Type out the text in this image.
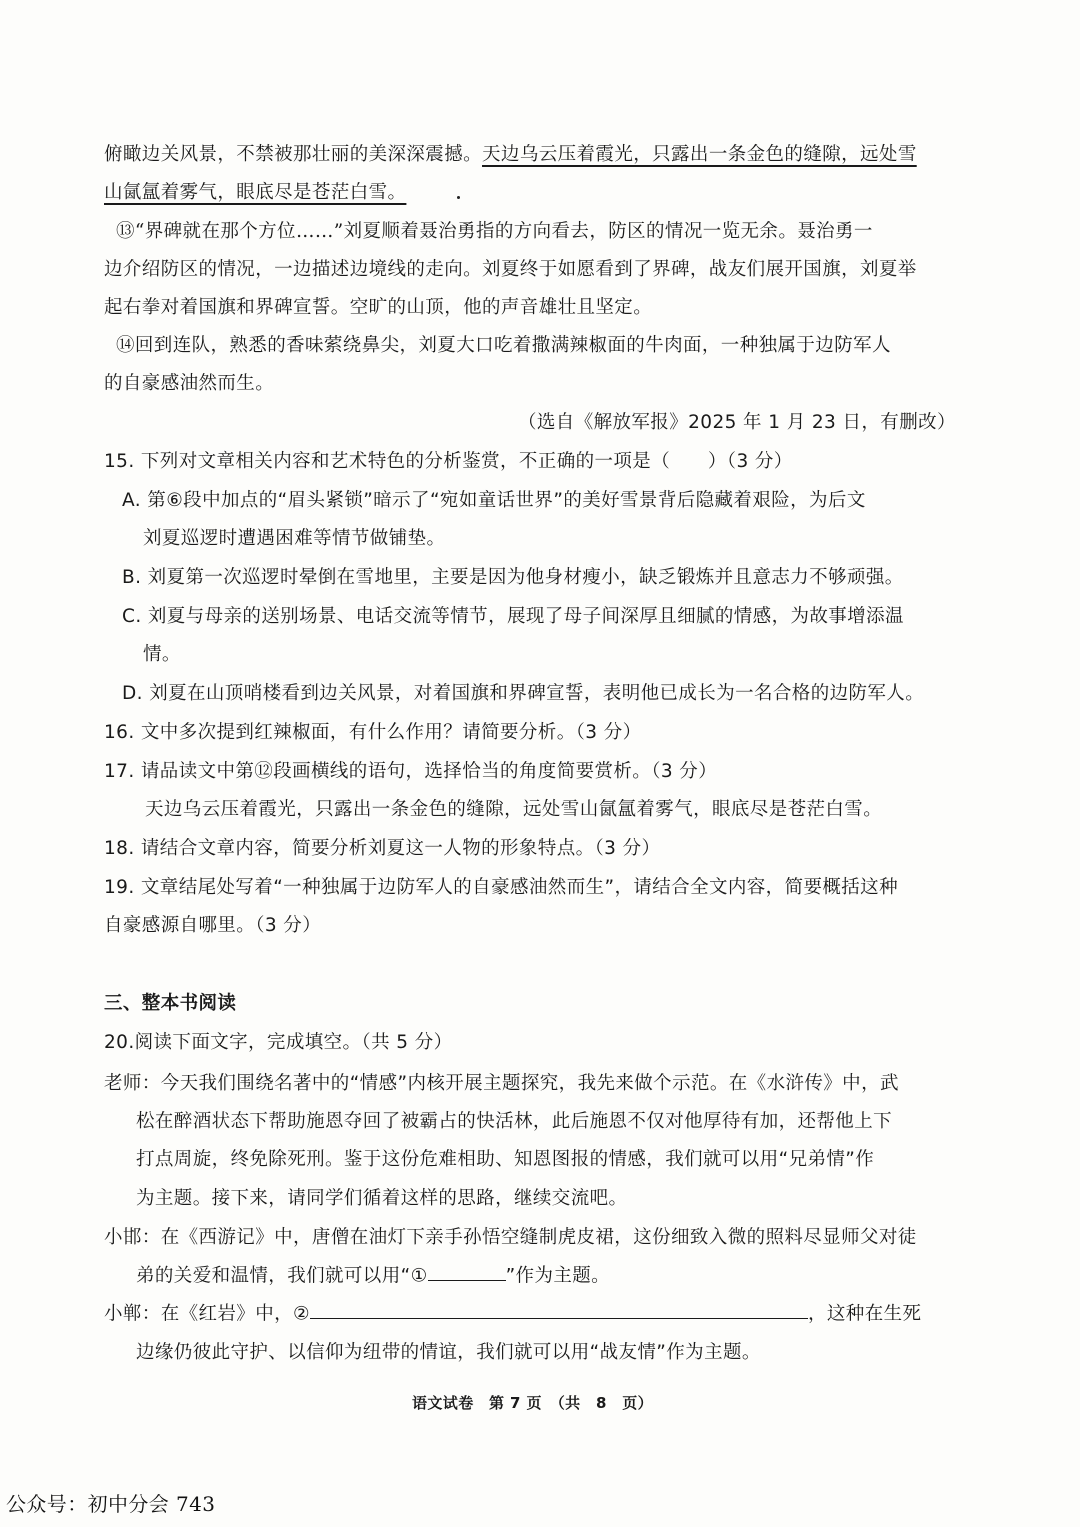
俯瞰边关风景，不禁被那壮丽的美深深震撼。天边乌云压着霞光，只露出一条金色的缝隙，远处雪
山氤氲着雾气，眼底尽是苍茫白雪。
⑬“界碑就在那个方位……”刘夏顺着聂治勇指的方向看去，防区的情况一览无余。聂治勇一
边介绍防区的情况，一边描述边境线的走向。刘夏终于如愿看到了界碑，战友们展开国旗，刘夏举
起右拳对着国旗和界碑宣誓。空旷的山顶，他的声音雄壮且坚定。
⑭回到连队，熟悉的香味萦绕鼻尖，刘夏大口吃着撒满辣椒面的牛肉面，一种独属于边防军人
的自豪感油然而生。
（选自《解放军报》2025 年 1 月 23 日，有删改）
15. 下列对文章相关内容和艺术特色的分析鉴赏，不正确的一项是（　　）（3 分）
A. 第⑥段中加点的“眉头紧锁”暗示了“宛如童话世界”的美好雪景背后隐藏着艰险，为后文
刘夏巡逻时遭遇困难等情节做铺垫。
B. 刘夏第一次巡逻时晕倒在雪地里，主要是因为他身材瘦小，缺乏锻炼并且意志力不够顽强。
C. 刘夏与母亲的送别场景、电话交流等情节，展现了母子间深厚且细腻的情感，为故事增添温
情。
D. 刘夏在山顶哨楼看到边关风景，对着国旗和界碑宣誓，表明他已成长为一名合格的边防军人。
16. 文中多次提到红辣椒面，有什么作用？请简要分析。（3 分）
17. 请品读文中第⑫段画横线的语句，选择恰当的角度简要赏析。（3 分）
天边乌云压着霞光，只露出一条金色的缝隙，远处雪山氤氲着雾气，眼底尽是苍茫白雪。
18. 请结合文章内容，简要分析刘夏这一人物的形象特点。（3 分）
19. 文章结尾处写着“一种独属于边防军人的自豪感油然而生”，请结合全文内容，简要概括这种
自豪感源自哪里。（3 分）
三、整本书阅读
20.阅读下面文字，完成填空。（共 5 分）
老师：今天我们围绕名著中的“情感”内核开展主题探究，我先来做个示范。在《水浒传》中，武
松在醉酒状态下帮助施恩夺回了被霸占的快活林，此后施恩不仅对他厚待有加，还帮他上下
打点周旋，终免除死刑。鉴于这份危难相助、知恩图报的情感，我们就可以用“兄弟情”作
为主题。接下来，请同学们循着这样的思路，继续交流吧。
小邯：在《西游记》中，唐僧在油灯下亲手孙悟空缝制虎皮裙，这份细致入微的照料尽显师父对徒
弟的关爱和温情，我们就可以用“①	”作为主题。
小郸：在《红岩》中，②	，这种在生死
边缘仍彼此守护、以信仰为纽带的情谊，我们就可以用“战友情”作为主题。
语文试卷　第 7 页　（共　8　页）
公众号：初中分会 743
